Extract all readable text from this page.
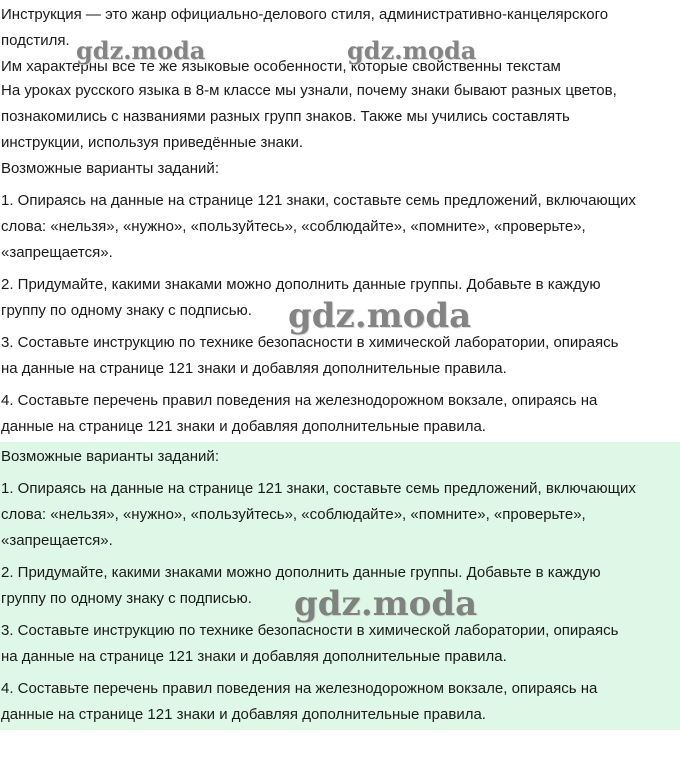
Инструкция — это жанр официально-делового стиля, административно-канцелярского

подстиля.

Им характерны все те же языковые особенности, которые свойственны текстам

На уроках русского языка в 8-м классе мы узнали, почему знаки бывают разных цветов,

познакомились с названиями разных групп знаков. Также мы учились составлять

инструкции, используя приведённые знаки.

Возможные варианты заданий:

1. Опираясь на данные на странице 121 знаки, составьте семь предложений, включающих

слова: «нельзя», «нужно», «пользуйтесь», «соблюдайте», «помните», «проверьте»,

«запрещается».

2. Придумайте, какими знаками можно дополнить данные группы. Добавьте в каждую

группу по одному знаку с подписью.

3. Составьте инструкцию по технике безопасности в химической лаборатории, опираясь

на данные на странице 121 знаки и добавляя дополнительные правила.

4. Составьте перечень правил поведения на железнодорожном вокзале, опираясь на

данные на странице 121 знаки и добавляя дополнительные правила.

Возможные варианты заданий:

1. Опираясь на данные на странице 121 знаки, составьте семь предложений, включающих

слова: «нельзя», «нужно», «пользуйтесь», «соблюдайте», «помните», «проверьте»,

«запрещается».

2. Придумайте, какими знаками можно дополнить данные группы. Добавьте в каждую

группу по одному знаку с подписью.

3. Составьте инструкцию по технике безопасности в химической лаборатории, опираясь

на данные на странице 121 знаки и добавляя дополнительные правила.

4. Составьте перечень правил поведения на железнодорожном вокзале, опираясь на

данные на странице 121 знаки и добавляя дополнительные правила.

gdz.moda	gdz.moda
gdz.moda
gdz.moda
